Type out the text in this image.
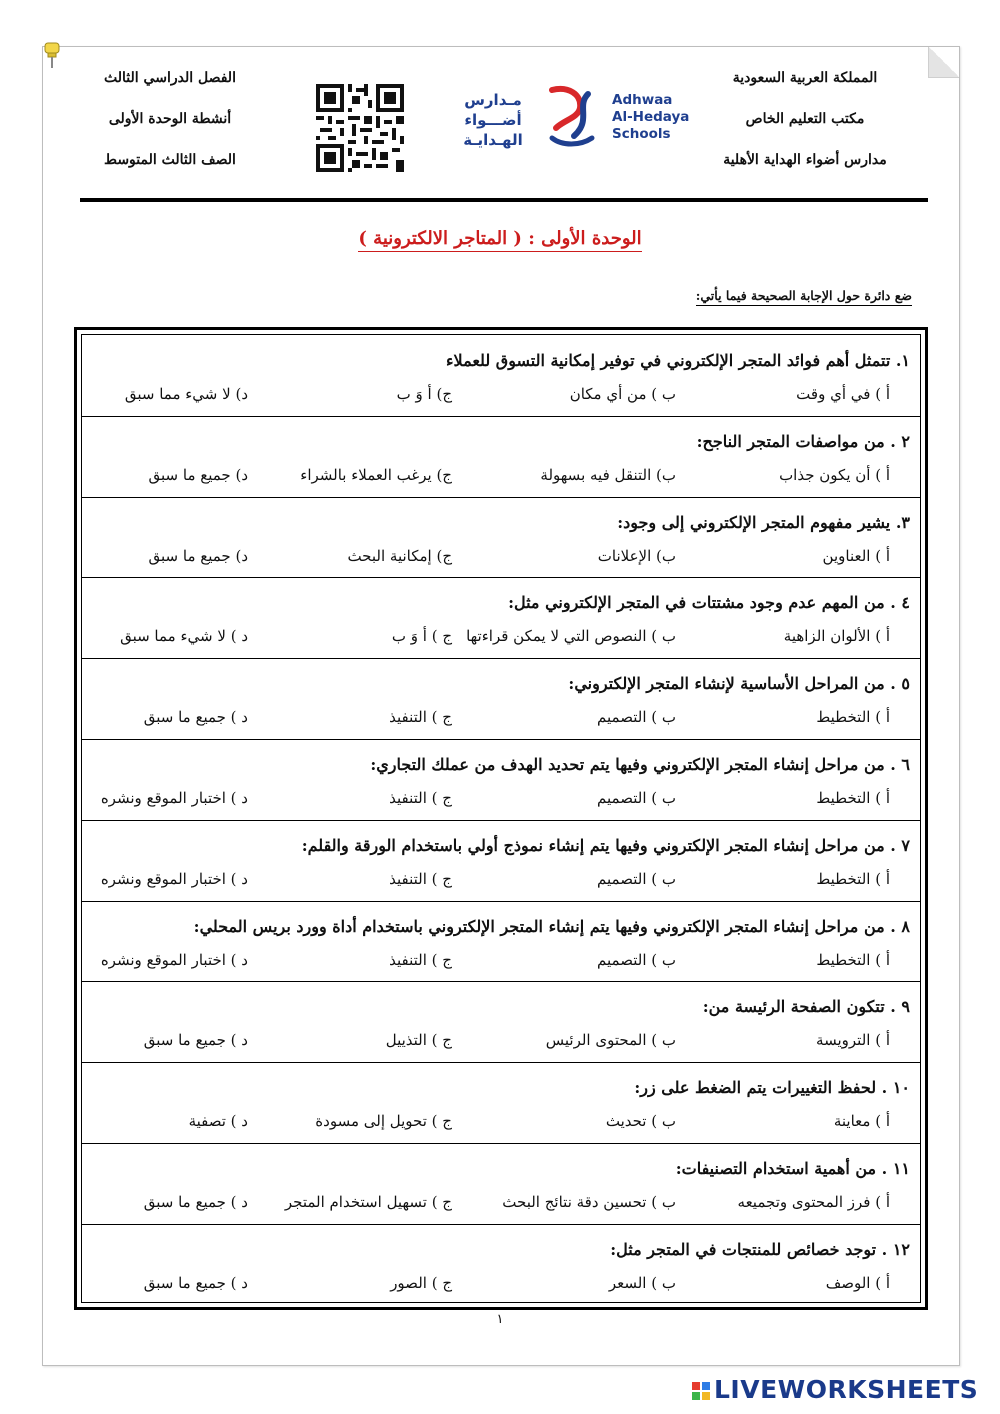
المملكة العربية السعودية
مكتب التعليم الخاص
مدارس أضواء الهداية الأهلية
الفصل الدراسي الثالث
أنشطة الوحدة الأولى
الصف الثالث المتوسط
مـدارس
أضـــواء
الهـدايـة
Adhwaa
Al-Hedaya
Schools
الوحدة الأولى : ( المتاجر الالكترونية )
ضع دائرة حول الإجابة الصحيحة فيما يأتي:
١. تتمثل أهم فوائد المتجر الإلكتروني في توفير إمكانية التسوق للعملاء
أ ) في أي وقت
ب ) من أي مكان
ج) أ وَ ب
د) لا شيء مما سبق
٢ . من مواصفات المتجر الناجح:
أ ) أن يكون جذاب
ب) التنقل فيه بسهولة
ج) يرغب العملاء بالشراء
د) جميع ما سبق
٣. يشير مفهوم المتجر الإلكتروني إلى وجود:
أ ) العناوين
ب) الإعلانات
ج) إمكانية البحث
د) جميع ما سبق
٤ . من المهم عدم وجود مشتتات في المتجر الإلكتروني مثل:
أ ) الألوان الزاهية
ب ) النصوص التي لا يمكن قراءتها
ج ) أ وَ ب
د ) لا شيء مما سبق
٥ . من المراحل الأساسية لإنشاء المتجر الإلكتروني:
أ ) التخطيط
ب ) التصميم
ج ) التنفيذ
د ) جميع ما سبق
٦ . من مراحل إنشاء المتجر الإلكتروني وفيها يتم تحديد الهدف من عملك التجاري:
أ ) التخطيط
ب ) التصميم
ج ) التنفيذ
د ) اختبار الموقع ونشره
٧ . من مراحل إنشاء المتجر الإلكتروني وفيها يتم إنشاء نموذج أولي باستخدام الورقة والقلم:
أ ) التخطيط
ب ) التصميم
ج ) التنفيذ
د ) اختبار الموقع ونشره
٨ . من مراحل إنشاء المتجر الإلكتروني وفيها يتم إنشاء المتجر الإلكتروني باستخدام أداة وورد بريس المحلي:
أ ) التخطيط
ب ) التصميم
ج ) التنفيذ
د ) اختبار الموقع ونشره
٩ . تتكون الصفحة الرئيسة من:
أ ) الترويسة
ب ) المحتوى الرئيس
ج ) التذييل
د ) جميع ما سبق
١٠ . لحفظ التغييرات يتم الضغط على زر:
أ ) معاينة
ب ) تحديث
ج ) تحويل إلى مسودة
د ) تصفية
١١ . من أهمية استخدام التصنيفات:
أ ) فرز المحتوى وتجميعه
ب ) تحسين دقة نتائج البحث
ج ) تسهيل استخدام المتجر
د ) جميع ما سبق
١٢ . توجد خصائص للمنتجات في المتجر مثل:
أ ) الوصف
ب ) السعر
ج ) الصور
د ) جميع ما سبق
١
LIVEWORKSHEETS
